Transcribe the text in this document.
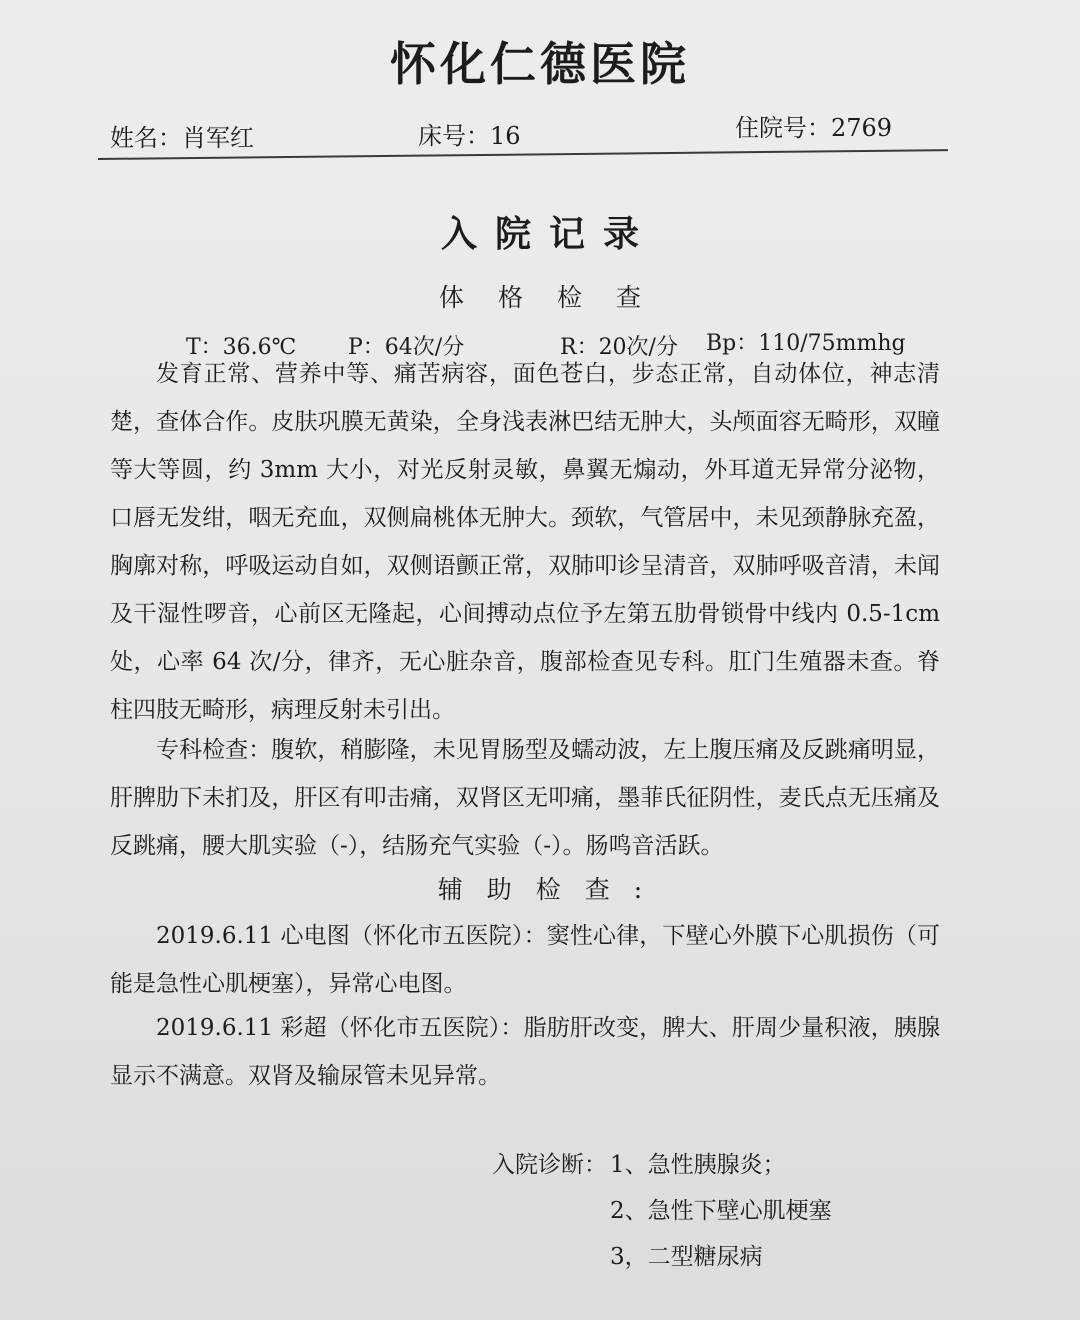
怀化仁德医院
姓名：肖军红	床号：16	住院号：2769
入院记录
体格检查
T：36.6℃ P：64次/分	R：20次/分 Bp：110/75mmhg
发育正常、营养中等、痛苦病容，面色苍白，步态正常，自动体位，神志清楚，查体合作。皮肤巩膜无黄染，全身浅表淋巴结无肿大，头颅面容无畸形，双瞳等大等圆，约 3mm 大小，对光反射灵敏，鼻翼无煽动，外耳道无异常分泌物，口唇无发绀，咽无充血，双侧扁桃体无肿大。颈软，气管居中，未见颈静脉充盈，胸廓对称，呼吸运动自如，双侧语颤正常，双肺叩诊呈清音，双肺呼吸音清，未闻及干湿性啰音，心前区无隆起，心间搏动点位予左第五肋骨锁骨中线内 0.5-1cm 处，心率 64 次/分，律齐，无心脏杂音，腹部检查见专科。肛门生殖器未查。脊柱四肢无畸形，病理反射未引出。
专科检查：腹软，稍膨隆，未见胃肠型及蠕动波，左上腹压痛及反跳痛明显，肝脾肋下未扪及，肝区有叩击痛，双肾区无叩痛，墨菲氏征阴性，麦氏点无压痛及反跳痛，腰大肌实验（-），结肠充气实验（-）。肠鸣音活跃。
辅助检查:
2019.6.11 心电图（怀化市五医院）：窦性心律，下壁心外膜下心肌损伤（可能是急性心肌梗塞），异常心电图。
2019.6.11 彩超（怀化市五医院）：脂肪肝改变，脾大、肝周少量积液，胰腺显示不满意。双肾及输尿管未见异常。
入院诊断： 1、急性胰腺炎；
2、急性下壁心肌梗塞
3，二型糖尿病
